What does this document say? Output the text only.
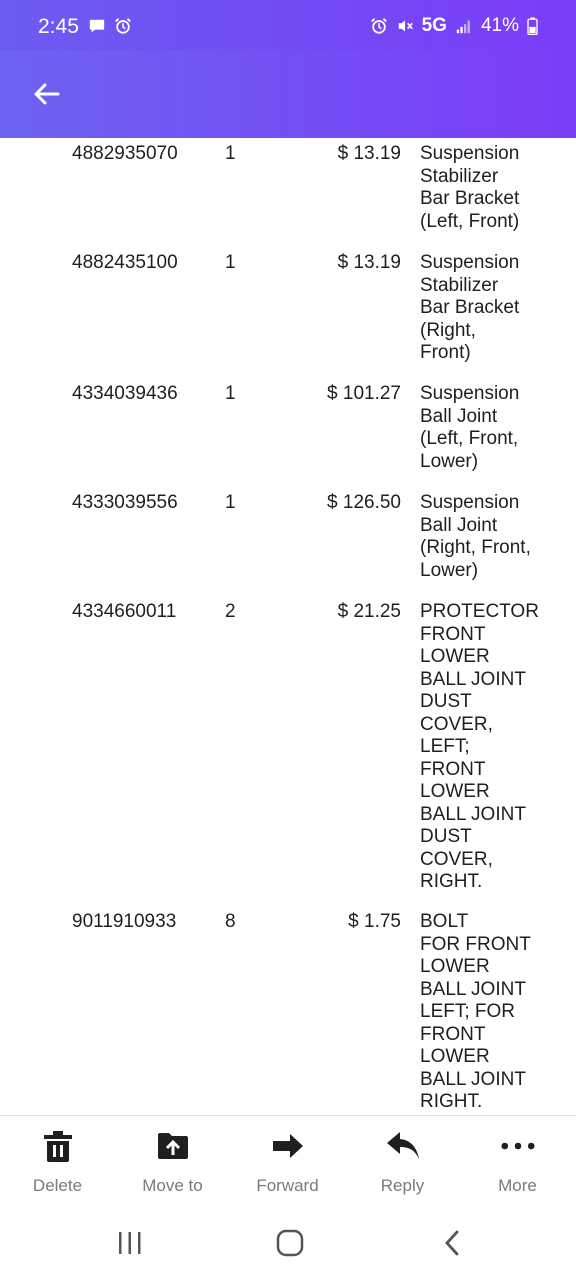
2:45	5G 41%
4882935070 1	$ 13.19 Suspension
Stabilizer
Bar Bracket
(Left, Front)
4882435100 1	$ 13.19 Suspension
Stabilizer
Bar Bracket
(Right,
Front)
4334039436 1	$ 101.27 Suspension
Ball Joint
(Left, Front,
Lower)
4333039556 1	$ 126.50 Suspension
Ball Joint
(Right, Front,
Lower)
4334660011	2	$ 21.25 PROTECTOR
FRONT
LOWER
BALL JOINT
DUST
COVER,
LEFT;
FRONT
LOWER
BALL JOINT
DUST
COVER,
RIGHT.
9011910933	8	$ 1.75 BOLT
FOR FRONT
LOWER
BALL JOINT
LEFT; FOR
FRONT
LOWER
BALL JOINT
RIGHT.
Delete	Move to	Forward	Reply	More
